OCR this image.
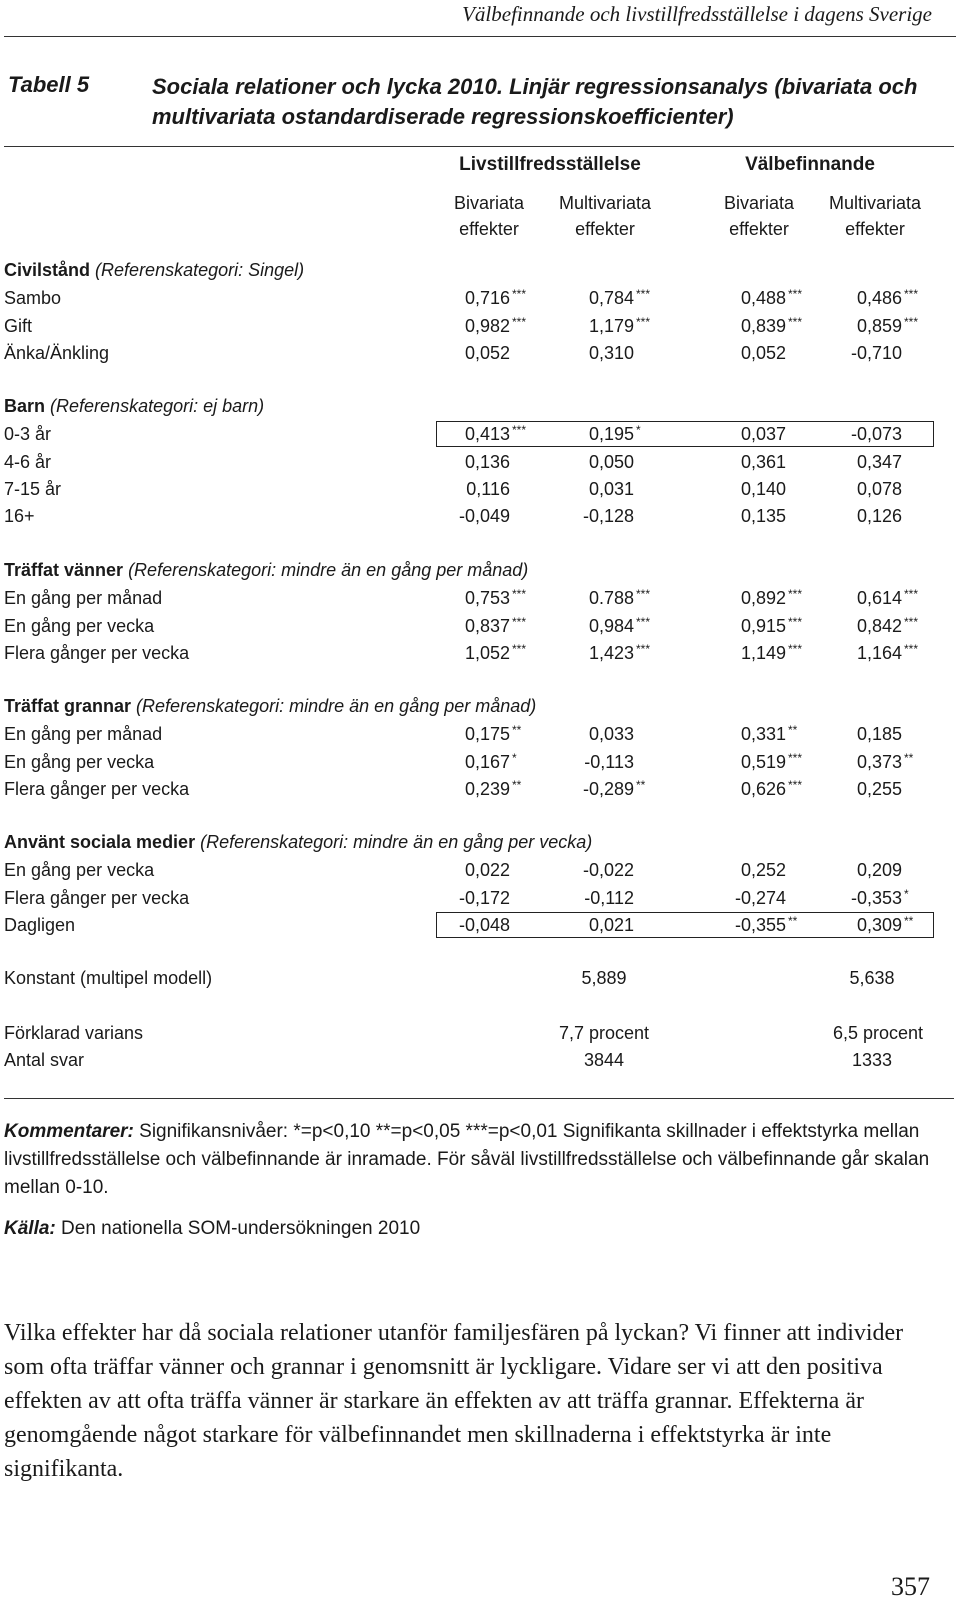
Välbefinnande och livstillfredsställelse i dagens Sverige
Tabell 5	Sociala relationer och lycka 2010. Linjär regressionsanalys (bivariata och multivariata ostandardiserade regressionskoefficienter)
Livstillfredsställelse	Välbefinnande
Bivariata
effekter
Multivariata
effekter
Bivariata
effekter
Multivariata
effekter
Civilstånd (Referenskategori: Singel)
Sambo	0,716 ***	0,784 ***	0,488 ***	0,486 ***
Gift	0,982 ***	1,179 ***	0,839 ***	0,859 ***
Änka/Änkling	0,052	0,310	0,052	-0,710
Barn (Referenskategori: ej barn)
0-3 år	0,413 ***	0,195 *	0,037	-0,073
4-6 år	0,136	0,050	0,361	0,347
7-15 år	0,116	0,031	0,140	0,078
16+	-0,049	-0,128	0,135	0,126
Träffat vänner (Referenskategori: mindre än en gång per månad)
En gång per månad	0,753 ***	0.788 ***	0,892 ***	0,614 ***
En gång per vecka	0,837 ***	0,984 ***	0,915 ***	0,842 ***
Flera gånger per vecka	1,052 ***	1,423 ***	1,149 ***	1,164 ***
Träffat grannar (Referenskategori: mindre än en gång per månad)
En gång per månad	0,175 **	0,033	0,331 **	0,185
En gång per vecka	0,167 *	-0,113	0,519 ***	0,373 **
Flera gånger per vecka	0,239 **	-0,289 **	0,626 ***	0,255
Använt sociala medier (Referenskategori: mindre än en gång per vecka)
En gång per vecka	0,022	-0,022	0,252	0,209
Flera gånger per vecka	-0,172	-0,112	-0,274	-0,353 *
Dagligen	-0,048	0,021	-0,355 **	0,309 **
Konstant (multipel modell)	5,889	5,638
Förklarad varians	7,7 procent	6,5 procent
Antal svar	3844	1333
Kommentarer: Signifikansnivåer: *=p<0,10 **=p<0,05 ***=p<0,01 Signifikanta skillnader i effektstyrka mellan livstillfredsställelse och välbefinnande är inramade. För såväl livstillfredsställelse och välbefinnande går skalan mellan 0-10.
Källa: Den nationella SOM-undersökningen 2010
Vilka effekter har då sociala relationer utanför familjesfären på lyckan? Vi finner att individer som ofta träffar vänner och grannar i genomsnitt är lyckligare. Vidare ser vi att den positiva effekten av att ofta träffa vänner är starkare än effekten av att träffa grannar. Effekterna är genomgående något starkare för välbefinnandet men skillnaderna i effektstyrka är inte signifikanta.
357
